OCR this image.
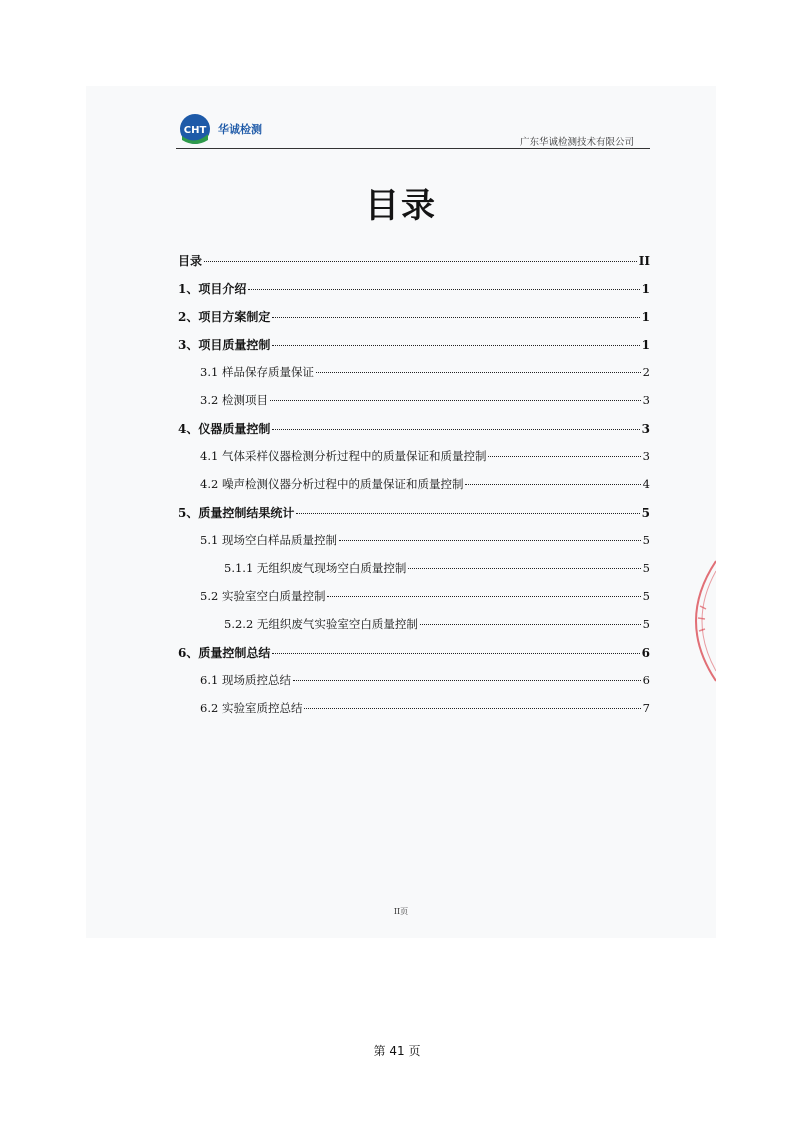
CHT 华诚检测
广东华诚检测技术有限公司
目录
目录	II
1、项目介绍	1
2、项目方案制定	1
3、项目质量控制	1
3.1 样品保存质量保证	2
3.2 检测项目	3
4、仪器质量控制	3
4.1 气体采样仪器检测分析过程中的质量保证和质量控制	3
4.2 噪声检测仪器分析过程中的质量保证和质量控制	4
5、质量控制结果统计	5
5.1 现场空白样品质量控制	5
5.1.1 无组织废气现场空白质量控制	5
5.2 实验室空白质量控制	5
5.2.2 无组织废气实验室空白质量控制	5
6、质量控制总结	6
6.1 现场质控总结	6
6.2 实验室质控总结	7
II页
第 41 页
